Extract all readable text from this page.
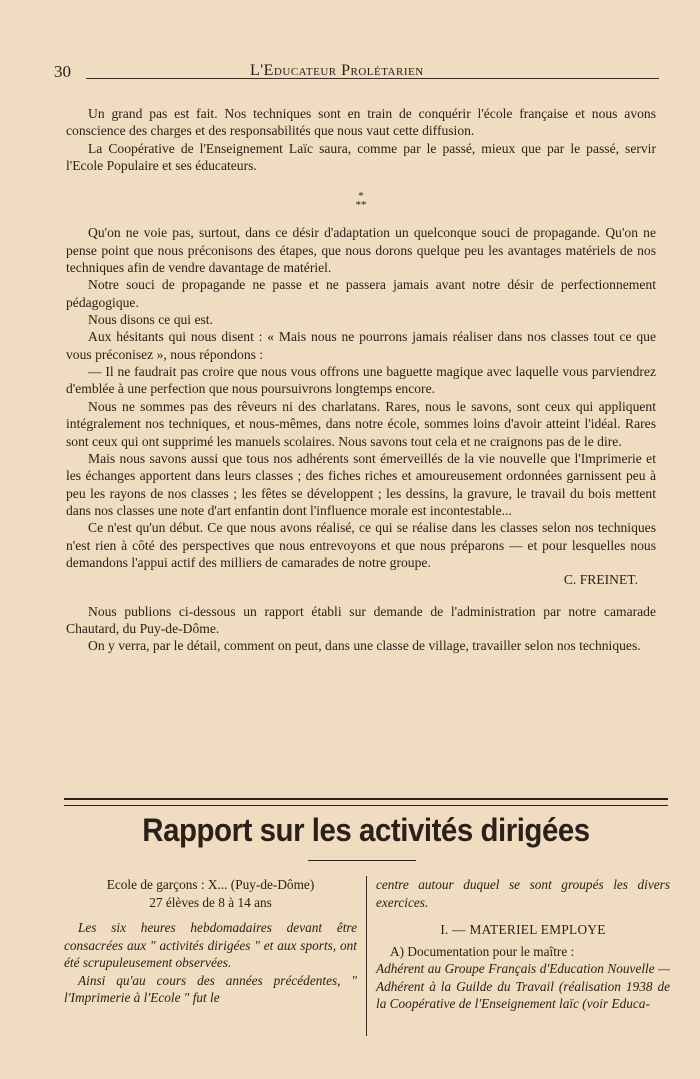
30	L'Educateur Prolétarien

Un grand pas est fait. Nos techniques sont en train de conquérir l'école française et nous avons conscience des charges et des responsabilités que nous vaut cette diffusion.

La Coopérative de l'Enseignement Laïc saura, comme par le passé, mieux que par le passé, servir l'Ecole Populaire et ses éducateurs.

*
**

Qu'on ne voie pas, surtout, dans ce désir d'adaptation un quelconque souci de propagande. Qu'on ne pense point que nous préconisons des étapes, que nous dorons quelque peu les avantages matériels de nos techniques afin de vendre davantage de matériel.

Notre souci de propagande ne passe et ne passera jamais avant notre désir de perfectionnement pédagogique.

Nous disons ce qui est.

Aux hésitants qui nous disent : « Mais nous ne pourrons jamais réaliser dans nos classes tout ce que vous préconisez », nous répondons :

— Il ne faudrait pas croire que nous vous offrons une baguette magique avec laquelle vous parviendrez d'emblée à une perfection que nous poursuivrons longtemps encore.

Nous ne sommes pas des rêveurs ni des charlatans. Rares, nous le savons, sont ceux qui appliquent intégralement nos techniques, et nous-mêmes, dans notre école, sommes loins d'avoir atteint l'idéal. Rares sont ceux qui ont supprimé les manuels scolaires. Nous savons tout cela et ne craignons pas de le dire.

Mais nous savons aussi que tous nos adhérents sont émerveillés de la vie nouvelle que l'Imprimerie et les échanges apportent dans leurs classes ; des fiches riches et amoureusement ordonnées garnissent peu à peu les rayons de nos classes ; les fêtes se développent ; les dessins, la gravure, le travail du bois mettent dans nos classes une note d'art enfantin dont l'influence morale est incontestable...

Ce n'est qu'un début. Ce que nous avons réalisé, ce qui se réalise dans les classes selon nos techniques n'est rien à côté des perspectives que nous entrevoyons et que nous préparons — et pour lesquelles nous demandons l'appui actif des milliers de camarades de notre groupe.

C. FREINET.

Nous publions ci-dessous un rapport établi sur demande de l'administration par notre camarade Chautard, du Puy-de-Dôme.

On y verra, par le détail, comment on peut, dans une classe de village, travailler selon nos techniques.

Rapport sur les activités dirigées

Ecole de garçons : X... (Puy-de-Dôme)

27 élèves de 8 à 14 ans

Les six heures hebdomadaires devant être consacrées aux " activités dirigées " et aux sports, ont été scrupuleusement observées.

Ainsi qu'au cours des années précédentes, " l'Imprimerie à l'Ecole " fut le

centre autour duquel se sont groupés les divers exercices.

I. — MATERIEL EMPLOYE

A) Documentation pour le maître :

Adhérent au Groupe Français d'Education Nouvelle — Adhérent à la Guilde du Travail (réalisation 1938 de la Coopérative de l'Enseignement laïc (voir Educa-
